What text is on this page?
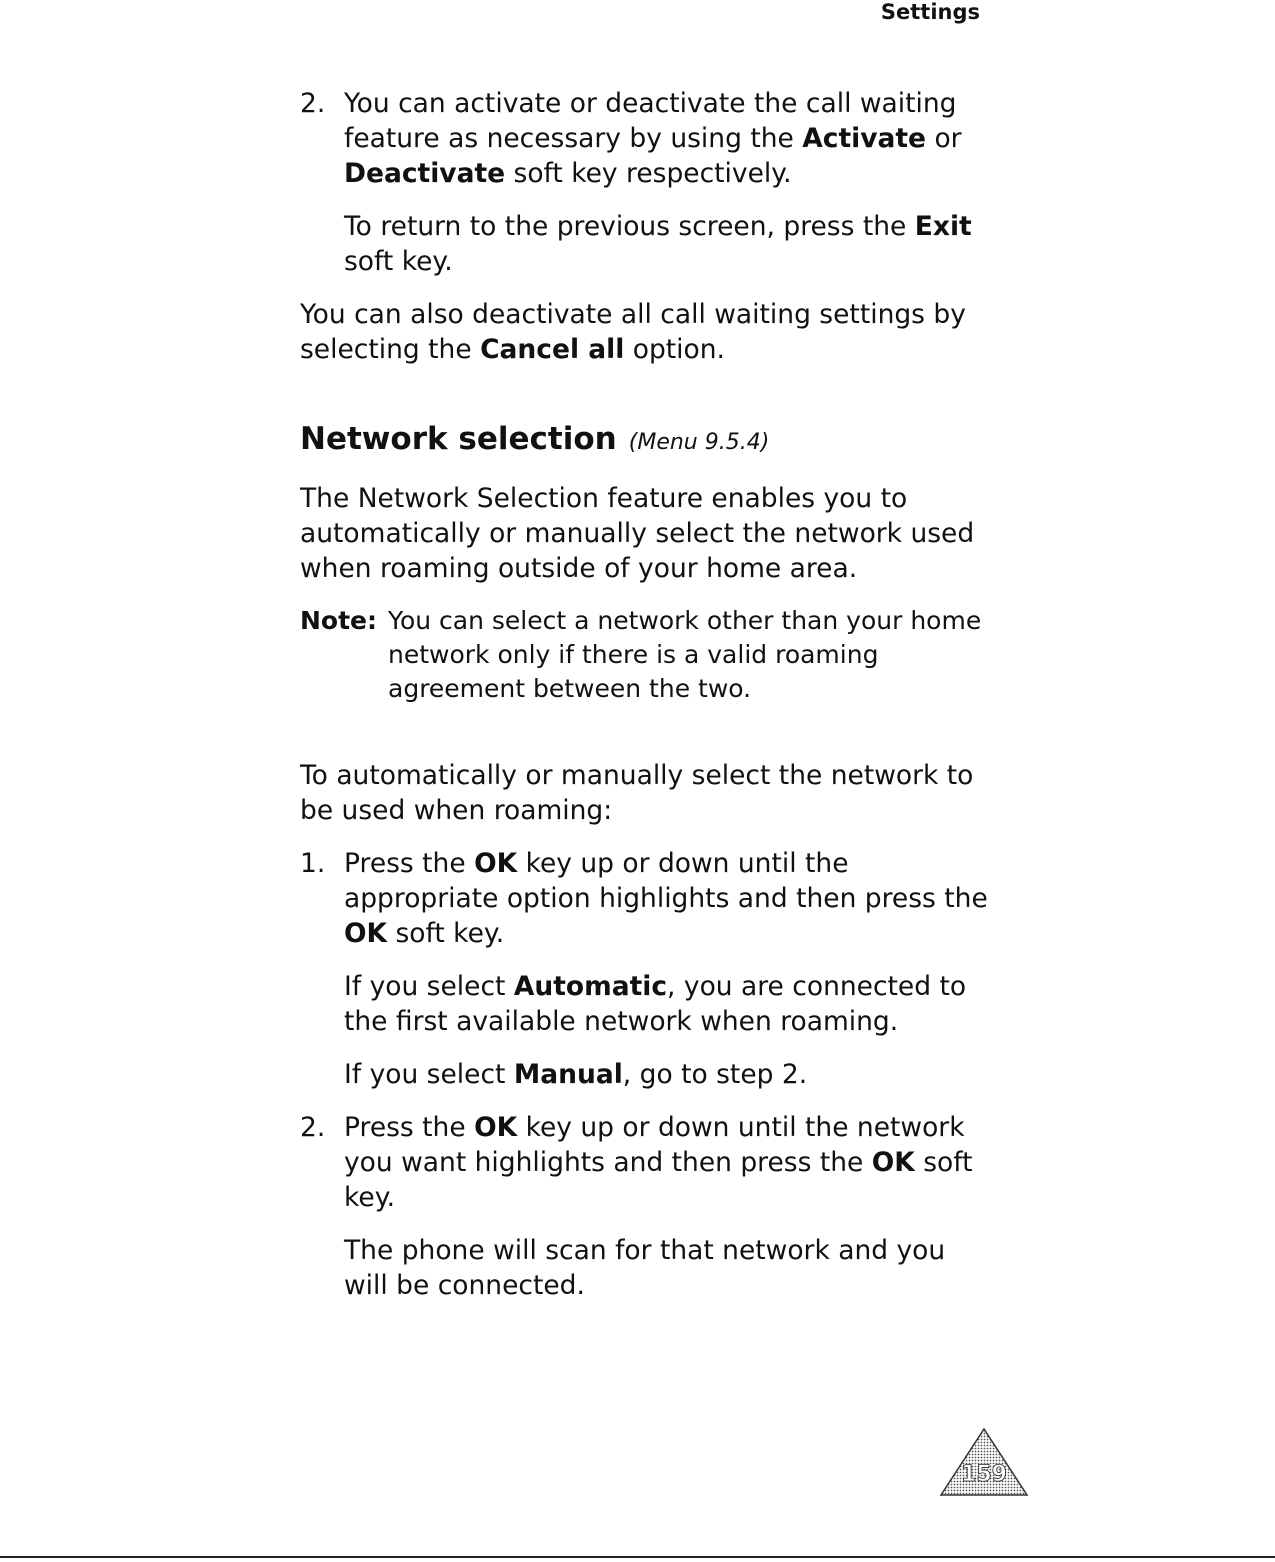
Settings
2. You can activate or deactivate the call waiting feature as necessary by using the Activate or Deactivate soft key respectively.
To return to the previous screen, press the Exit soft key.
You can also deactivate all call waiting settings by selecting the Cancel all option.
Network selection (Menu 9.5.4)
The Network Selection feature enables you to automatically or manually select the network used when roaming outside of your home area.
Note: You can select a network other than your home network only if there is a valid roaming agreement between the two.
To automatically or manually select the network to be used when roaming:
1. Press the OK key up or down until the appropriate option highlights and then press the OK soft key.
If you select Automatic, you are connected to the first available network when roaming.
If you select Manual, go to step 2.
2. Press the OK key up or down until the network you want highlights and then press the OK soft key.
The phone will scan for that network and you will be connected.
159
